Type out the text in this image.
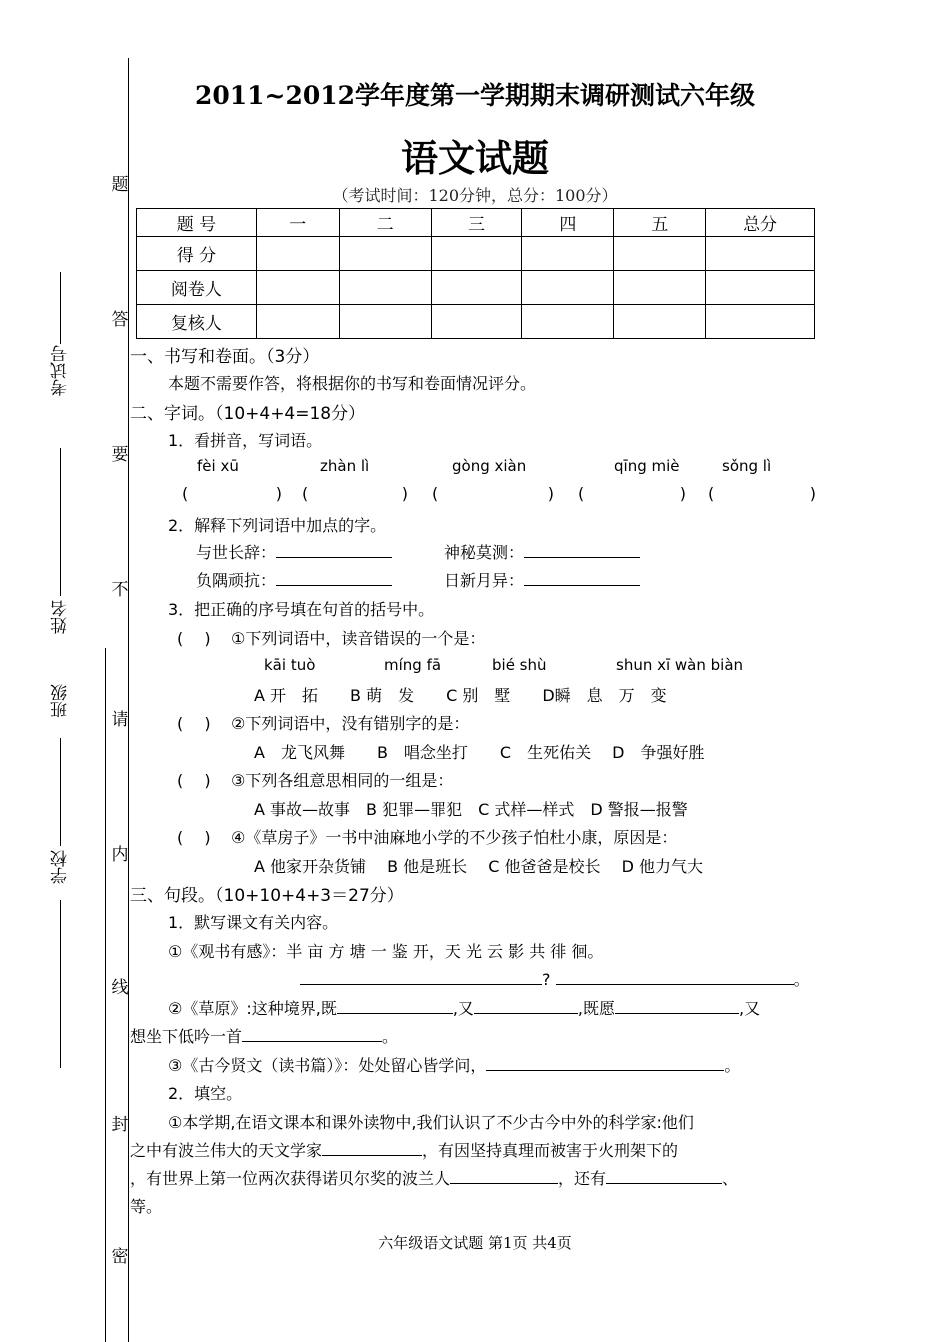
题
答
要
不
请
内
线
封
密
考试号
姓名
班级
学校
2011~2012学年度第一学期期末调研测试六年级
语文试题
（考试时间：120分钟，总分：100分）
题 号	一	二	三	四	五	总分
得 分						
阅卷人						
复核人						
一、书写和卷面。（3分）
本题不需要作答，将根据你的书写和卷面情况评分。
二、字词。（10+4+4=18分）
1．看拼音，写词语。
fèi xū	zhàn lì	gòng xiàn	qīng miè	sǒng lì
(	) (	) (	) (	) (	)
2．解释下列词语中加点的字。
与世长辞：	神秘莫测：
负隅顽抗：	日新月异：
3．把正确的序号填在句首的括号中。
(　 ) ①下列词语中，读音错误的一个是：
kāi tuò	míng fā	bié shù	shun xī wàn biàn
A 开　拓　　B 萌　发　　C 别　墅　　D瞬　息　万　变
(　 ) ②下列词语中，没有错别字的是：
A　龙飞风舞　　B　唱念坐打　　C　生死佑关　 D　争强好胜
(　 ) ③下列各组意思相同的一组是：
A 事故—故事　B 犯罪—罪犯　C 式样—样式　D 警报—报警
(　 ) ④《草房子》一书中油麻地小学的不少孩子怕杜小康，原因是：
A 他家开杂货铺　 B 他是班长　 C 他爸爸是校长　 D 他力气大
三、句段。（10+10+4+3＝27分）
1．默写课文有关内容。
①《观书有感》：半 亩 方 塘 一 鉴 开，天 光 云 影 共 徘 徊。
?	。
②《草原》:这种境界,既	,又	,既愿	,又
想坐下低吟一首	。
③《古今贤文（读书篇）》：处处留心皆学问，	。
2．填空。
①本学期,在语文课本和课外读物中,我们认识了不少古今中外的科学家:他们
之中有波兰伟大的天文学家	，有因坚持真理而被害于火刑架下的
，有世界上第一位两次获得诺贝尔奖的波兰人	，还有	、
等。
六年级语文试题 第1页 共4页
